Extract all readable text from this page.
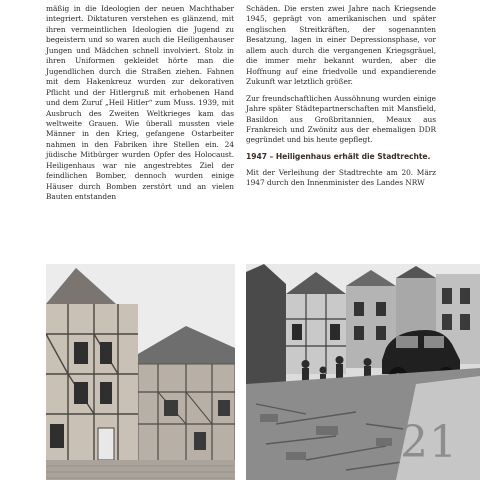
mäßig in die Ideologien der neuen Machthaber integriert. Diktaturen verstehen es glänzend, mit ihren vermeintlichen Ideologien die Jugend zu begeistern und so waren auch die Heiligenhauser Jungen und Mädchen schnell involviert. Stolz in ihren Uniformen gekleidet hörte man die Jugendlichen durch die Straßen ziehen. Fahnen mit dem Hakenkreuz wurden zur dekorativen Pflicht und der Hitlergruß mit erhobenen Hand und dem Zuruf „Heil Hitler“ zum Muss. 1939, mit Ausbruch des Zweiten Weltkrieges kam das weltweite Grauen. Wie überall mussten viele Männer in den Krieg, gefangene Ostarbeiter nahmen in den Fabriken ihre Stellen ein. 24 jüdische Mitbürger wurden Opfer des Holocaust. Heiligenhaus war nie angestrebtes Ziel der feindlichen Bomber, dennoch wurden einige Häuser durch Bomben zerstört und an vielen Bauten entstanden

Schäden. Die ersten zwei Jahre nach Kriegsende 1945, geprägt von amerikanischen und später englischen Streitkräften, der sogenannten Besatzung, lagen in einer Depressionsphase, vor allem auch durch die vergangenen Kriegsgräuel, die immer mehr bekannt wurden, aber die Hoffnung auf eine friedvolle und expandierende Zukunft war letztlich größer.

Zur freundschaftlichen Aussöhnung wurden einige Jahre später Städtepartnerschaften mit Mansfield, Basildon aus Großbritannien, Meaux aus Frankreich und Zwönitz aus der ehemaligen DDR gegründet und bis heute gepflegt.

1947 – Heiligenhaus erhält die Stadtrechte.

Mit der Verleihung der Stadtrechte am 20. März 1947 durch den Innenminister des Landes NRW

21
